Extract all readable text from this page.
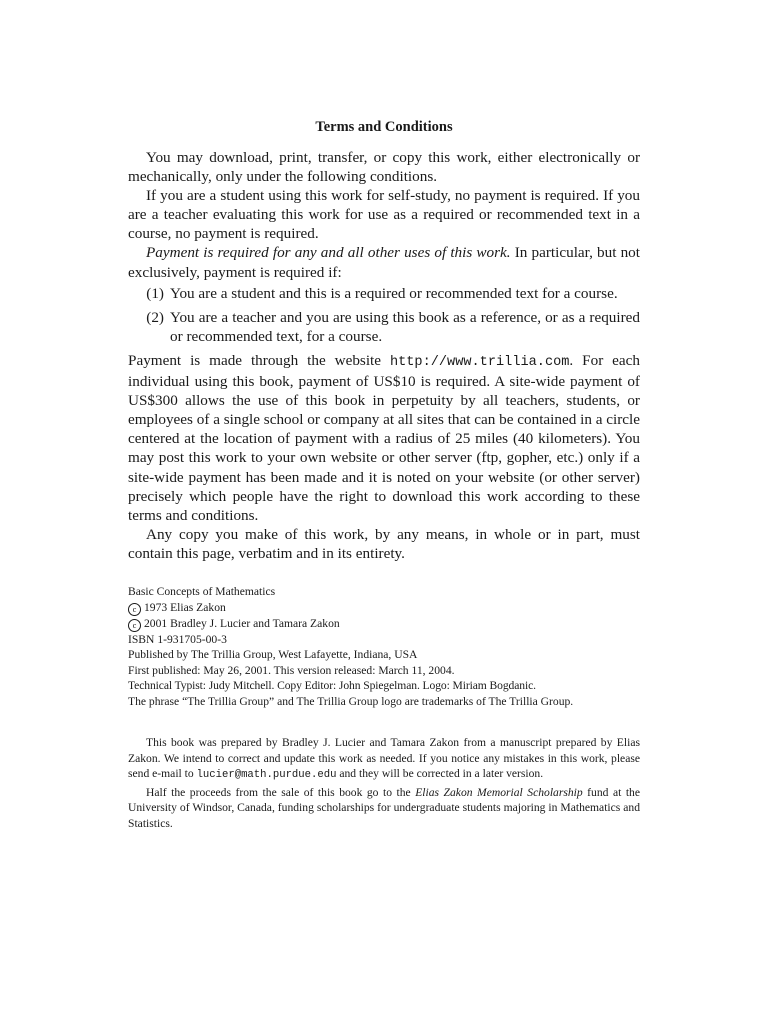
Terms and Conditions

You may download, print, transfer, or copy this work, either electronically or mechanically, only under the following conditions.

If you are a student using this work for self-study, no payment is required. If you are a teacher evaluating this work for use as a required or recommended text in a course, no payment is required.

Payment is required for any and all other uses of this work. In particular, but not exclusively, payment is required if:

(1) You are a student and this is a required or recommended text for a course.
(2) You are a teacher and you are using this book as a reference, or as a required or recommended text, for a course.

Payment is made through the website http://www.trillia.com. For each individual using this book, payment of US$10 is required. A site-wide payment of US$300 allows the use of this book in perpetuity by all teachers, students, or employees of a single school or company at all sites that can be contained in a circle centered at the location of payment with a radius of 25 miles (40 kilometers). You may post this work to your own website or other server (ftp, gopher, etc.) only if a site-wide payment has been made and it is noted on your website (or other server) precisely which people have the right to download this work according to these terms and conditions.

Any copy you make of this work, by any means, in whole or in part, must contain this page, verbatim and in its entirety.

Basic Concepts of Mathematics
c 1973 Elias Zakon
c 2001 Bradley J. Lucier and Tamara Zakon
ISBN 1-931705-00-3
Published by The Trillia Group, West Lafayette, Indiana, USA
First published: May 26, 2001. This version released: March 11, 2004.
Technical Typist: Judy Mitchell. Copy Editor: John Spiegelman. Logo: Miriam Bogdanic.
The phrase “The Trillia Group” and The Trillia Group logo are trademarks of The Trillia Group.

This book was prepared by Bradley J. Lucier and Tamara Zakon from a manuscript prepared by Elias Zakon. We intend to correct and update this work as needed. If you notice any mistakes in this work, please send e-mail to lucier@math.purdue.edu and they will be corrected in a later version.

Half the proceeds from the sale of this book go to the Elias Zakon Memorial Scholarship fund at the University of Windsor, Canada, funding scholarships for undergraduate students majoring in Mathematics and Statistics.
